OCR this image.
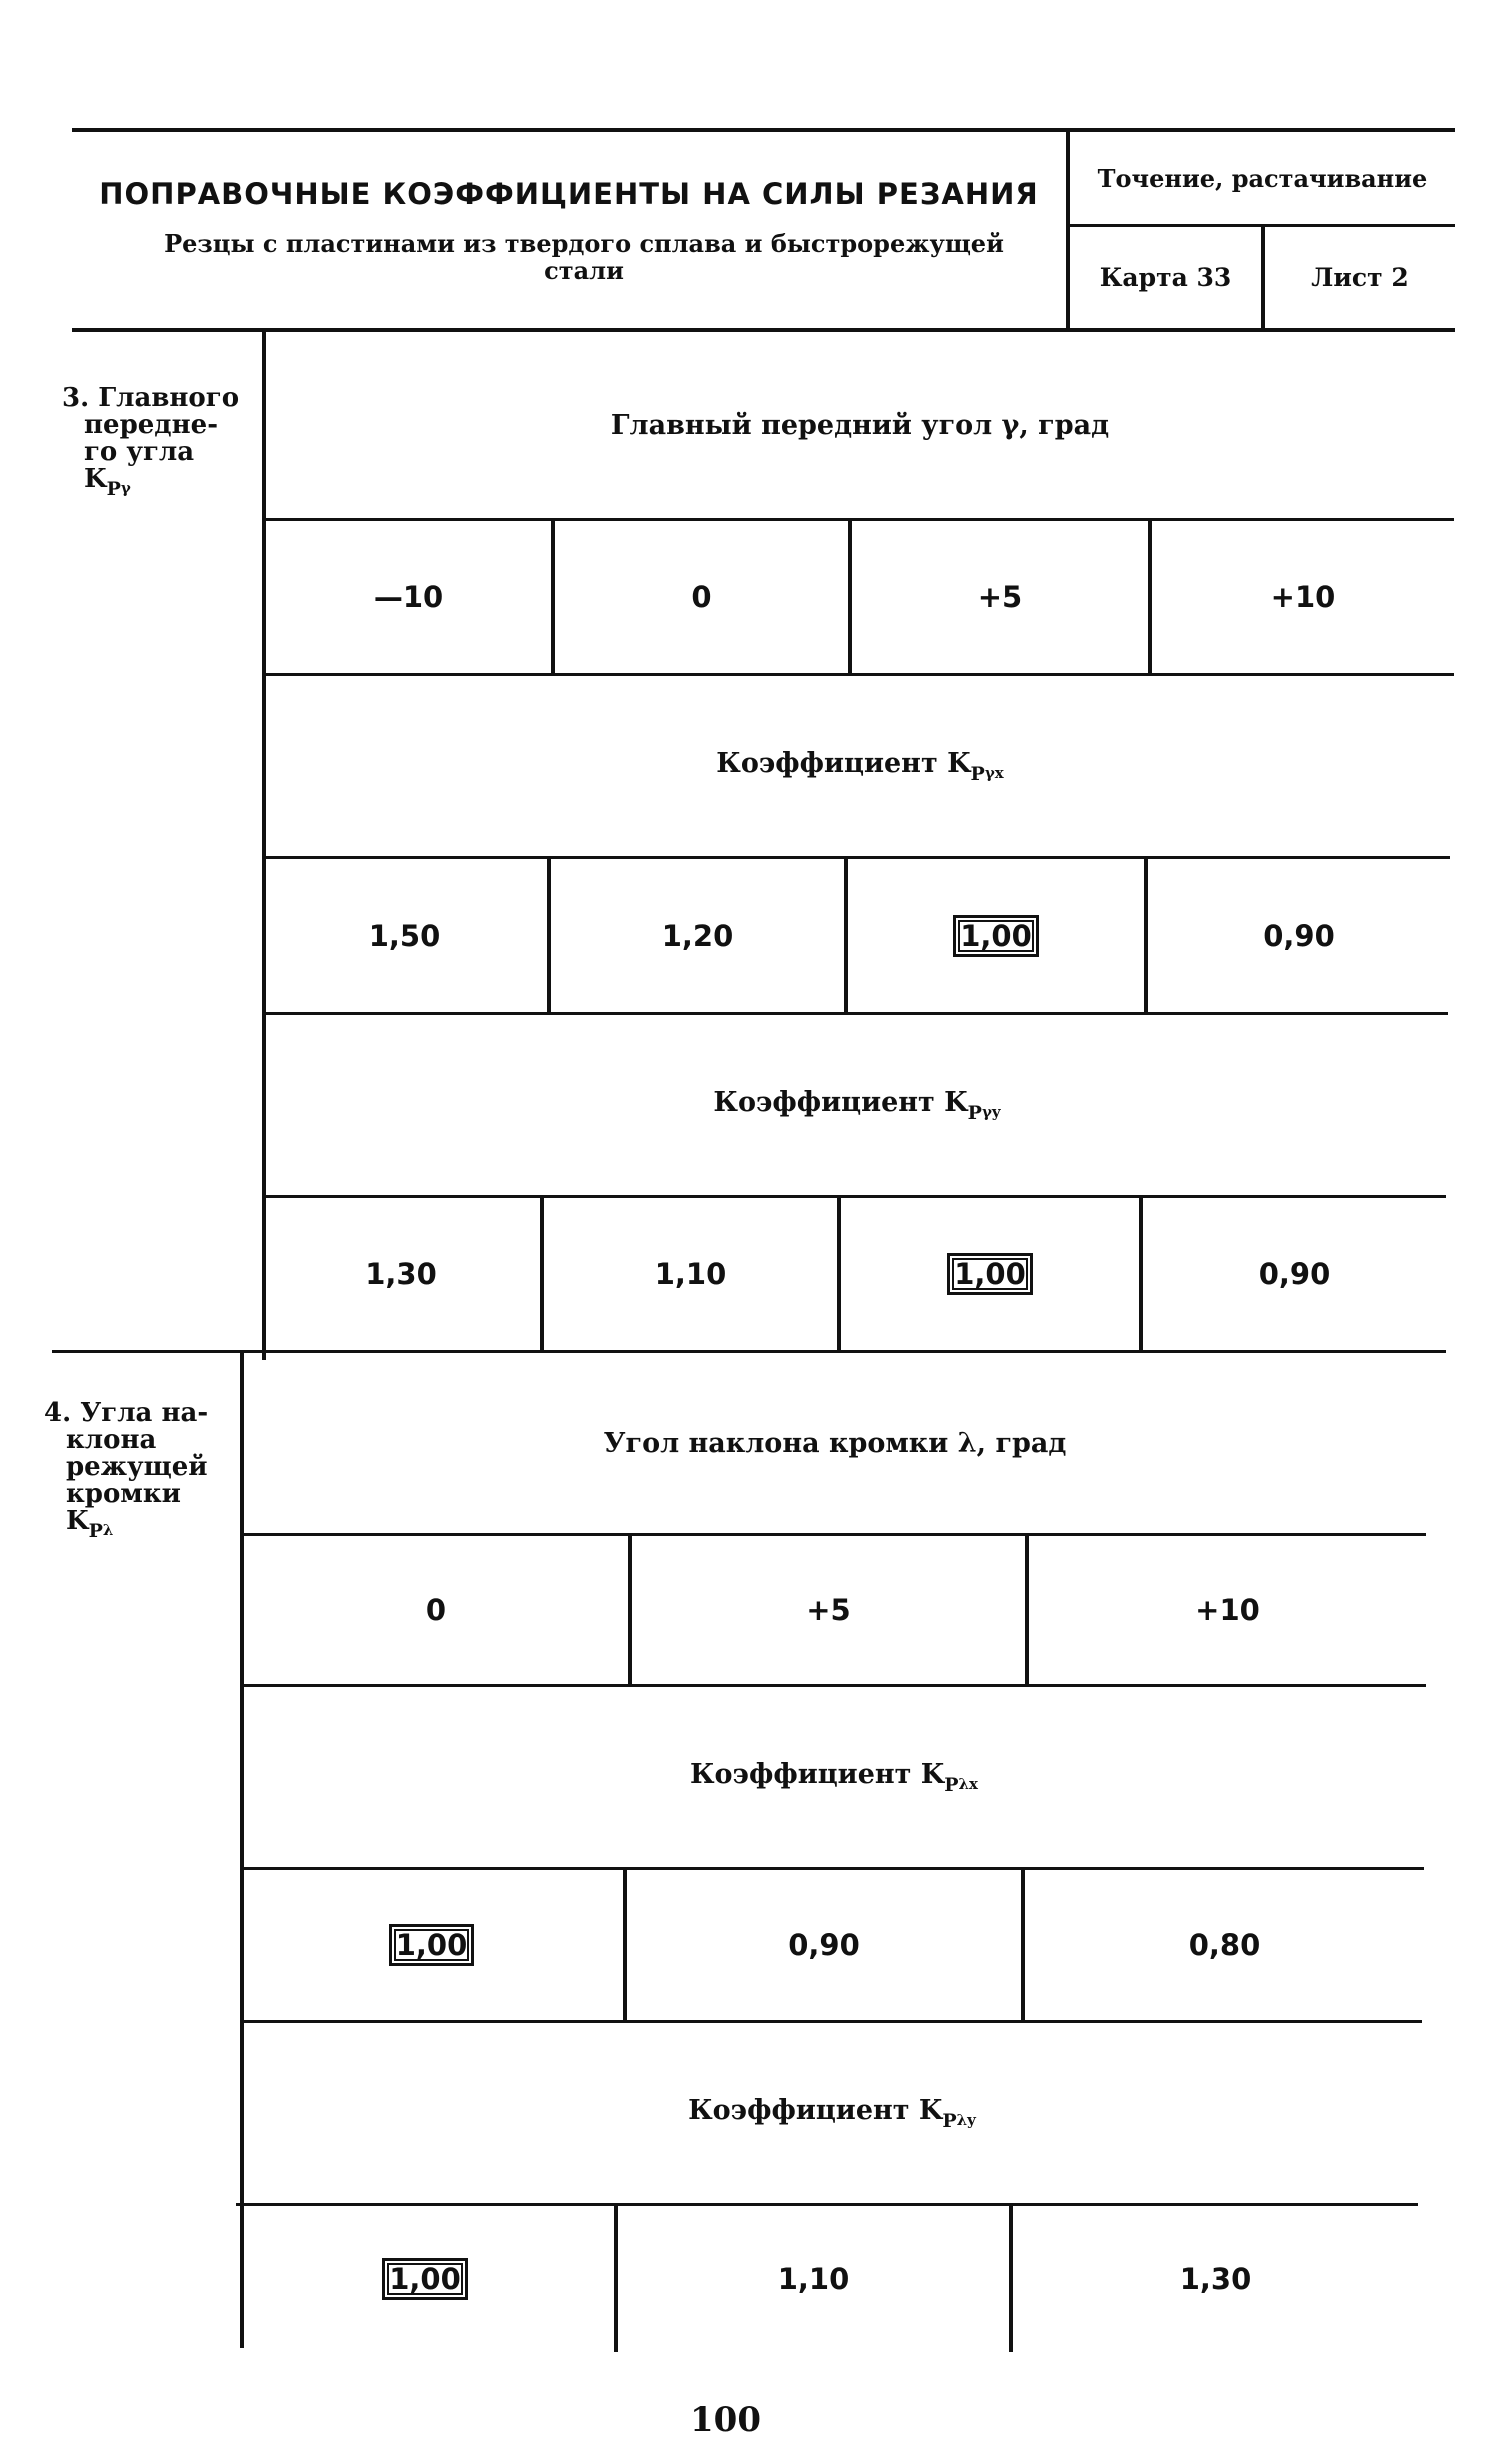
ПОПРАВОЧНЫЕ КОЭФФИЦИЕНТЫ НА СИЛЫ РЕЗАНИЯ
Резцы с пластинами из твердого сплава и быстрорежущей стали
Точение, растачивание
Карта 33	Лист 2
3. Главного
передне-
го угла
$K_{P\gamma}$
Главный передний угол γ, град
—10	0	+5	+10
Коэффициент $K_{P\gamma x}$
1,50	1,20	1,00	0,90
Коэффициент $K_{P\gamma y}$
1,30	1,10	1,00	0,90
4. Угла на-
клона
режущей
кромки
$K_{P\lambda}$
Угол наклона кромки λ, град
0	+5	+10
Коэффициент $K_{P\lambda x}$
1,00	0,90	0,80
Коэффициент $K_{P\lambda y}$
1,00	1,10	1,30
100
